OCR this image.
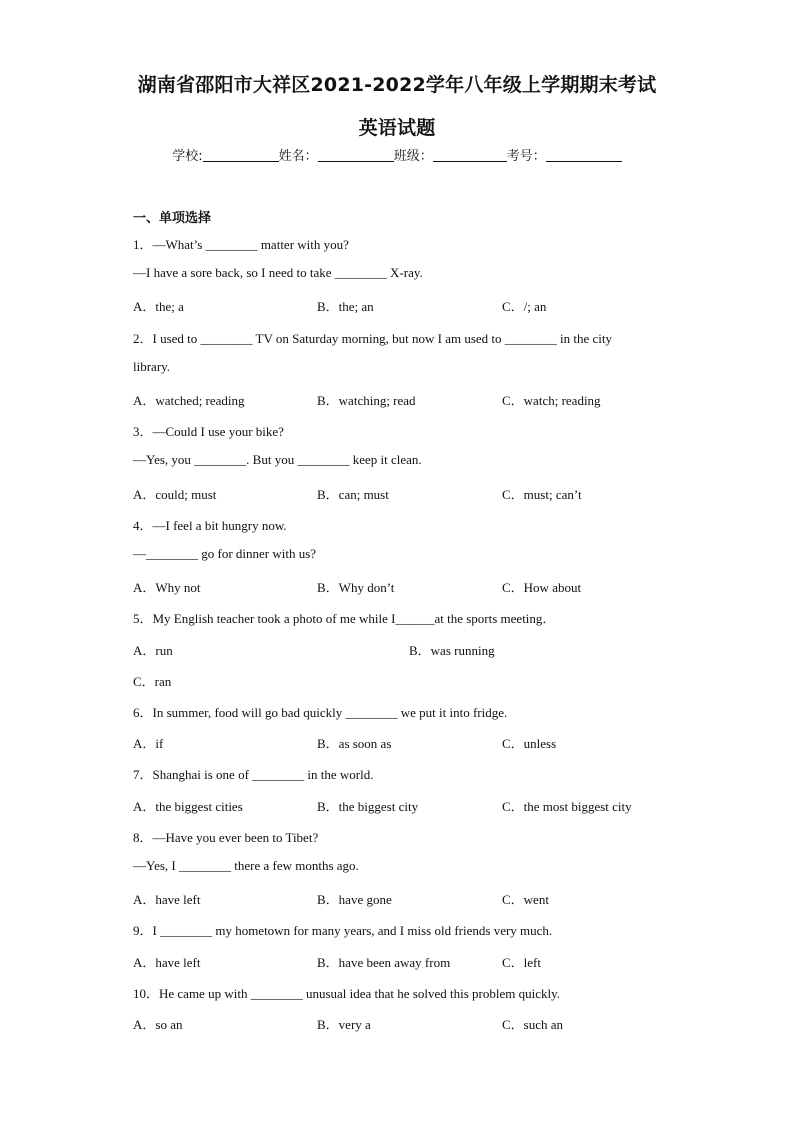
湖南省邵阳市大祥区2021-2022学年八年级上学期期末考试
英语试题
学校:	姓名：	班级：	考号：
一、单项选择
1．—What’s ________ matter with you?
—I have a sore back, so I need to take ________ X-ray.
A．the; a	B．the; an	C．/; an
2．I used to ________ TV on Saturday morning, but now I am used to ________ in the city
library.
A．watched; reading	B．watching; read	C．watch; reading
3．—Could I use your bike?
—Yes, you ________. But you ________ keep it clean.
A．could; must	B．can; must	C．must; can’t
4．—I feel a bit hungry now.
—________ go for dinner with us?
A．Why not	B．Why don’t	C．How about
5．My English teacher took a photo of me while I______at the sports meeting．
A．run	B．was running
C．ran
6．In summer, food will go bad quickly ________ we put it into fridge.
A．if	B．as soon as	C．unless
7．Shanghai is one of ________ in the world.
A．the biggest cities	B．the biggest city	C．the most biggest city
8．—Have you ever been to Tibet?
—Yes, I ________ there a few months ago.
A．have left	B．have gone	C．went
9．I ________ my hometown for many years, and I miss old friends very much.
A．have left	B．have been away from	C．left
10．He came up with ________ unusual idea that he solved this problem quickly.
A．so an	B．very a	C．such an
